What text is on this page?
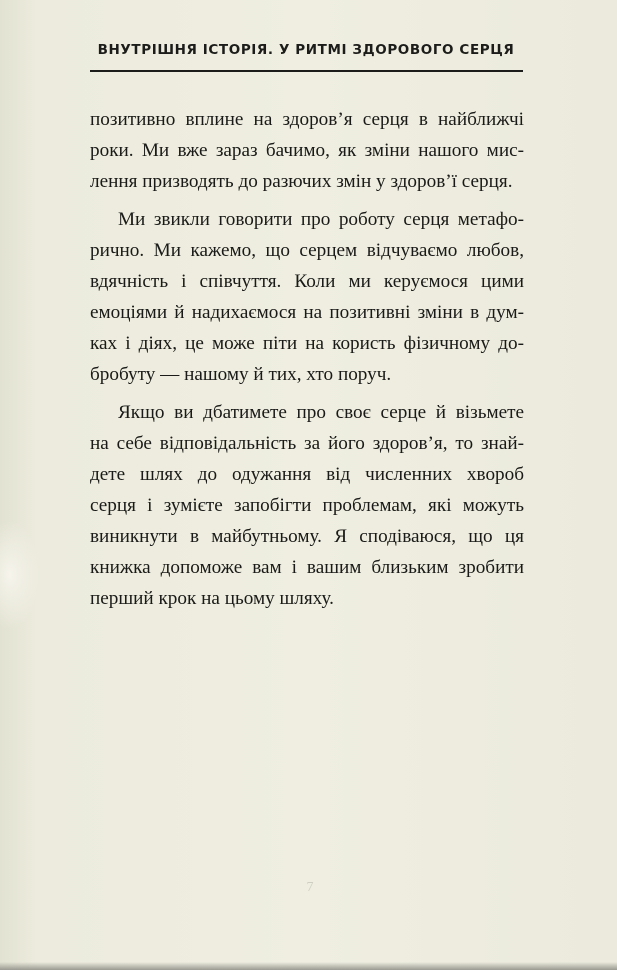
ВНУТРІШНЯ ІСТОРІЯ. У РИТМІ ЗДОРОВОГО СЕРЦЯ

позитивно вплине на здоров’я серця в найближчі
роки. Ми вже зараз бачимо, як зміни нашого мис-
лення призводять до разючих змін у здоров’ї серця.

Ми звикли говорити про роботу серця метафо-
рично. Ми кажемо, що серцем відчуваємо любов,
вдячність і співчуття. Коли ми керуємося цими
емоціями й надихаємося на позитивні зміни в дум-
ках і діях, це може піти на користь фізичному до-
бробуту — нашому й тих, хто поруч.

Якщо ви дбатимете про своє серце й візьмете
на себе відповідальність за його здоров’я, то знай-
дете шлях до одужання від численних хвороб
серця і зумієте запобігти проблемам, які можуть
виникнути в майбутньому. Я сподіваюся, що ця
книжка допоможе вам і вашим близьким зробити
перший крок на цьому шляху.

7
